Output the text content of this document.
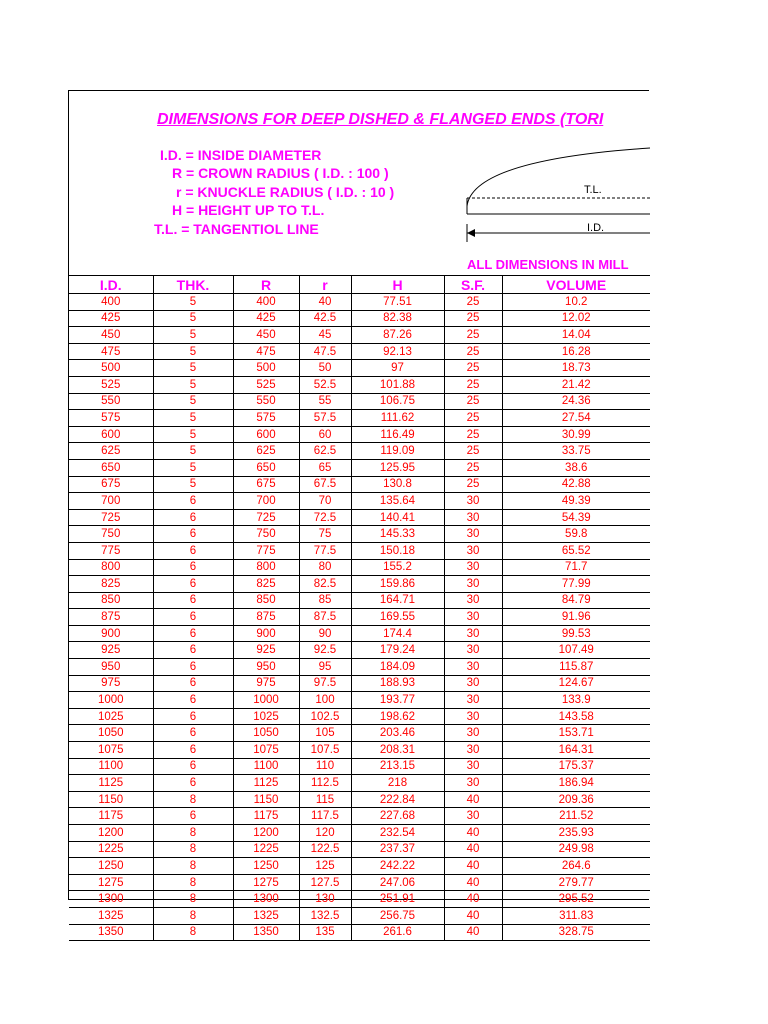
DIMENSIONS FOR DEEP DISHED & FLANGED ENDS (TORI
I.D. = INSIDE DIAMETER
R = CROWN RADIUS ( I.D. : 100 )
r = KNUCKLE RADIUS ( I.D. : 10 )
H = HEIGHT UP TO T.L.
T.L. = TANGENTIOL LINE
T.L.
I.D.
ALL DIMENSIONS IN MILL
I.D.	THK.	R	r	H	S.F.	VOLUME
400	5	400	40	77.51	25	10.2
425	5	425	42.5	82.38	25	12.02
450	5	450	45	87.26	25	14.04
475	5	475	47.5	92.13	25	16.28
500	5	500	50	97	25	18.73
525	5	525	52.5	101.88	25	21.42
550	5	550	55	106.75	25	24.36
575	5	575	57.5	111.62	25	27.54
600	5	600	60	116.49	25	30.99
625	5	625	62.5	119.09	25	33.75
650	5	650	65	125.95	25	38.6
675	5	675	67.5	130.8	25	42.88
700	6	700	70	135.64	30	49.39
725	6	725	72.5	140.41	30	54.39
750	6	750	75	145.33	30	59.8
775	6	775	77.5	150.18	30	65.52
800	6	800	80	155.2	30	71.7
825	6	825	82.5	159.86	30	77.99
850	6	850	85	164.71	30	84.79
875	6	875	87.5	169.55	30	91.96
900	6	900	90	174.4	30	99.53
925	6	925	92.5	179.24	30	107.49
950	6	950	95	184.09	30	115.87
975	6	975	97.5	188.93	30	124.67
1000	6	1000	100	193.77	30	133.9
1025	6	1025	102.5	198.62	30	143.58
1050	6	1050	105	203.46	30	153.71
1075	6	1075	107.5	208.31	30	164.31
1100	6	1100	110	213.15	30	175.37
1125	6	1125	112.5	218	30	186.94
1150	8	1150	115	222.84	40	209.36
1175	6	1175	117.5	227.68	30	211.52
1200	8	1200	120	232.54	40	235.93
1225	8	1225	122.5	237.37	40	249.98
1250	8	1250	125	242.22	40	264.6
1275	8	1275	127.5	247.06	40	279.77
1300	8	1300	130	251.91	40	295.52
1325	8	1325	132.5	256.75	40	311.83
1350	8	1350	135	261.6	40	328.75
